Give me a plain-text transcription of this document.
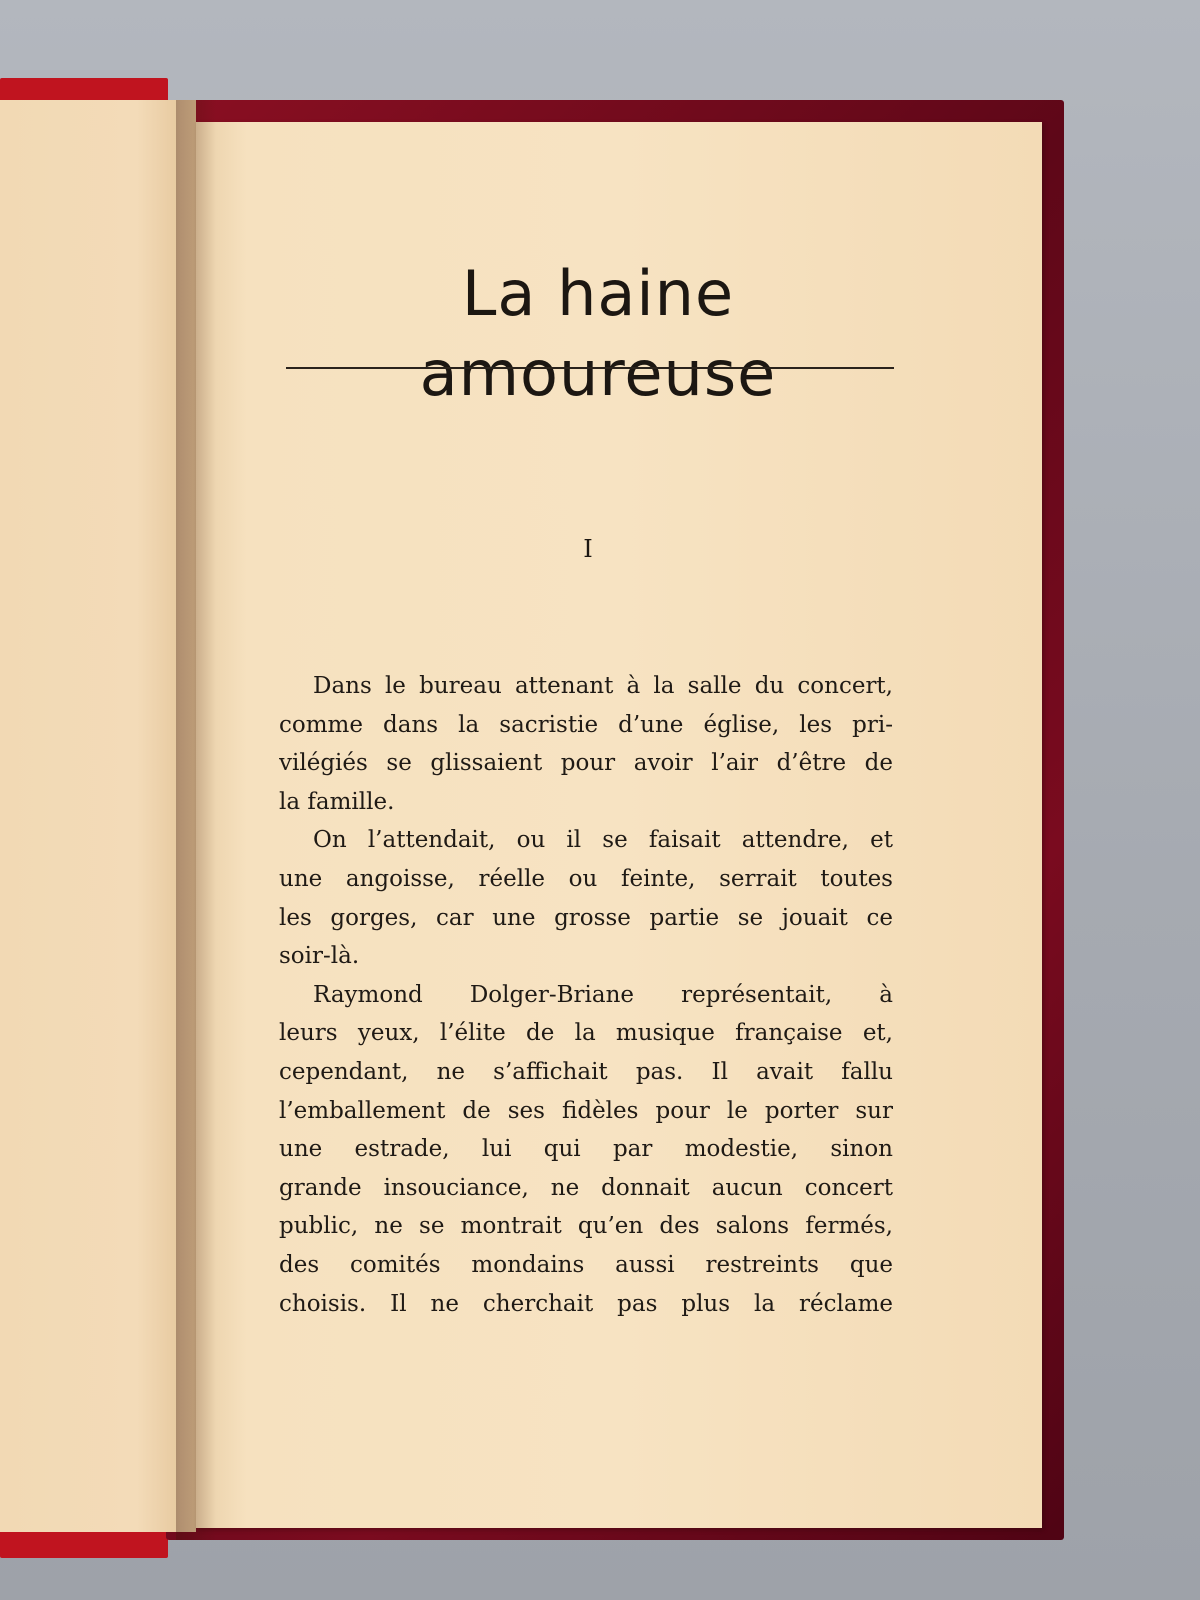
La haine amoureuse
I
Dans le bureau attenant à la salle du concert,
comme dans la sacristie d’une église, les pri-
vilégiés se glissaient pour avoir l’air d’être de
la famille.
On l’attendait, ou il se faisait attendre, et
une angoisse, réelle ou feinte, serrait toutes
les gorges, car une grosse partie se jouait ce
soir-là.
Raymond Dolger-Briane représentait, à
leurs yeux, l’élite de la musique française et,
cependant, ne s’affichait pas. Il avait fallu
l’emballement de ses fidèles pour le porter sur
une estrade, lui qui par modestie, sinon
grande insouciance, ne donnait aucun concert
public, ne se montrait qu’en des salons fermés,
des comités mondains aussi restreints que
choisis. Il ne cherchait pas plus la réclame
